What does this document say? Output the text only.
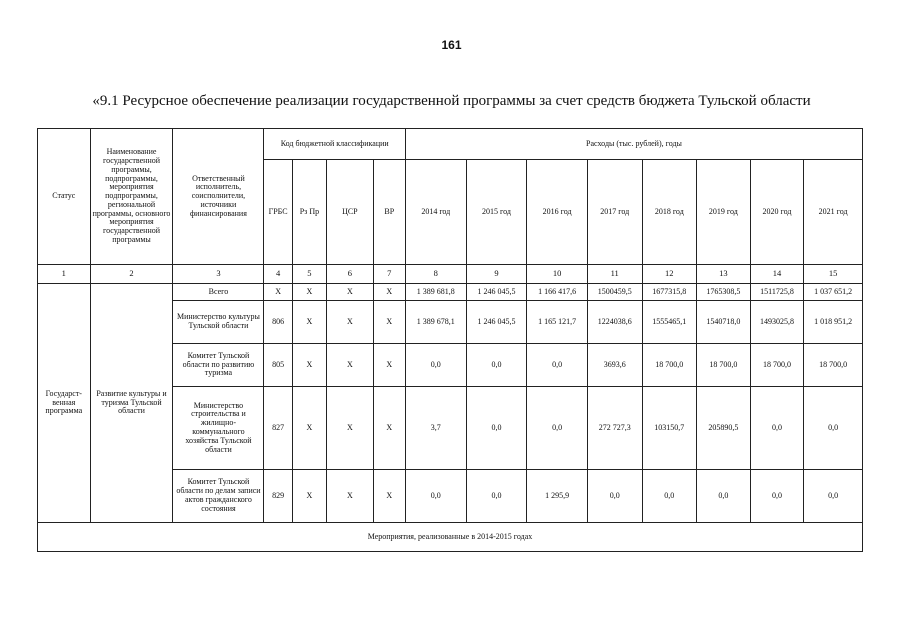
161
«9.1 Ресурсное обеспечение реализации государственной программы за счет средств бюджета Тульской области
Статус	Наименование государственной программы, подпрограммы, мероприятия подпрограммы, региональной программы, основного мероприятия государственной программы	Ответственный исполнитель, соисполнители, источники финансирования	Код бюджетной классификации				Расходы (тыс. рублей), годы							
			ГРБС	Рз Пр	ЦСР	ВР	2014 год	2015 год	2016 год	2017 год	2018 год	2019 год	2020 год	2021 год
1	2	3	4	5	6	7	8	9	10	11	12	13	14	15
Государст-венная программа	Развитие культуры и туризма Тульской области	Всего	X	X	X	X	1 389 681,8	1 246 045,5	1 166 417,6	1500459,5	1677315,8	1765308,5	1511725,8	1 037 651,2
		Министерство культуры Тульской области	806	X	X	X	1 389 678,1	1 246 045,5	1 165 121,7	1224038,6	1555465,1	1540718,0	1493025,8	1 018 951,2
		Комитет Тульской области по развитию туризма	805	X	X	X	0,0	0,0	0,0	3693,6	18 700,0	18 700,0	18 700,0	18 700,0
		Министерство строительства и жилищно-коммунального хозяйства Тульской области	827	X	X	X	3,7	0,0	0,0	272 727,3	103150,7	205890,5	0,0	0,0
		Комитет Тульской области по делам записи актов гражданского состояния	829	X	X	X	0,0	0,0	1 295,9	0,0	0,0	0,0	0,0	0,0
Мероприятия, реализованные в 2014-2015 годах														
